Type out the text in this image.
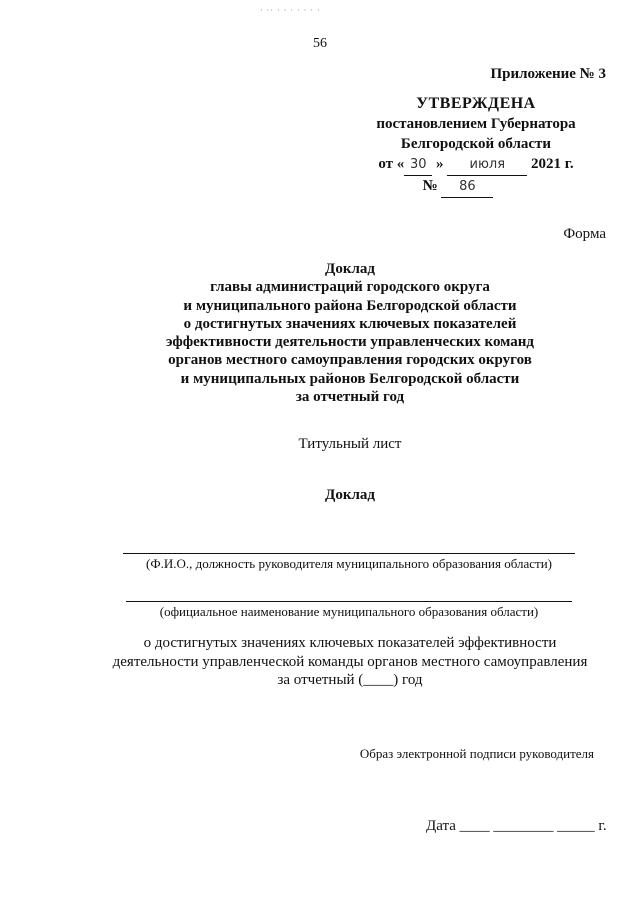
· ·· · · · · · · ·
56
Приложение № 3
УТВЕРЖДЕНА
постановлением Губернатора
Белгородской области
от « 30 » июля 2021 г.
№ 86
Форма
Доклад
главы администраций городского округа
и муниципального района Белгородской области
о достигнутых значениях ключевых показателей
эффективности деятельности управленческих команд
органов местного самоуправления городских округов
и муниципальных районов Белгородской области
за отчетный год
Титульный лист
Доклад
(Ф.И.О., должность руководителя муниципального образования области)
(официальное наименование муниципального образования области)
о достигнутых значениях ключевых показателей эффективности
деятельности управленческой команды органов местного самоуправления
за отчетный (____) год
Образ электронной подписи руководителя
Дата ____ ________ _____ г.
